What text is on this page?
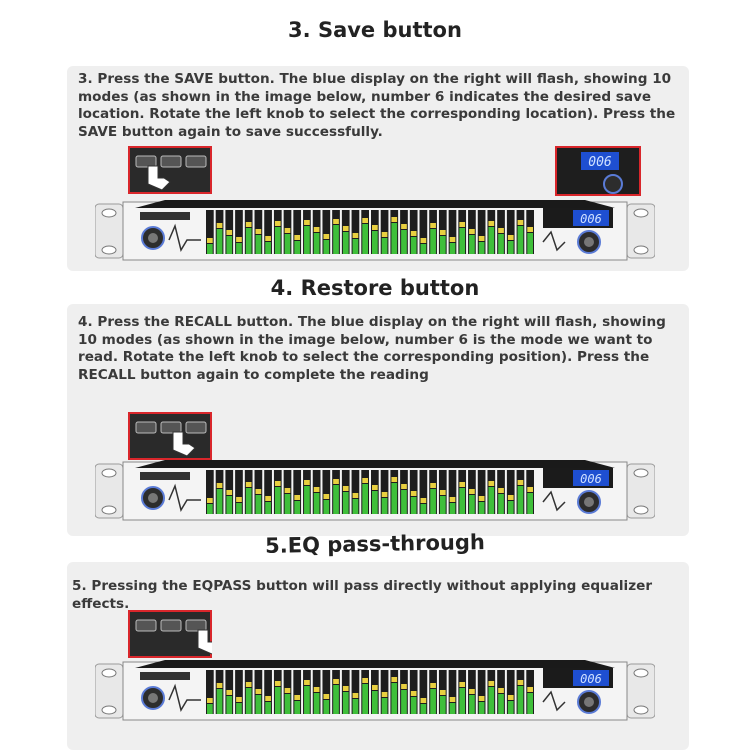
3. Save button

3. Press the SAVE button. The blue display on the right will flash, showing 10 modes (as shown in the image below, number 6 indicates the desired save location. Rotate the left knob to select the corresponding location). Press the SAVE button again to save successfully.

006
006
4. Restore button

4. Press the RECALL button. The blue display on the right will flash, showing 10 modes (as shown in the image below, number 6 is the mode we want to read. Rotate the left knob to select the corresponding position). Press the RECALL button again to complete the reading

006
5.EQ pass-through

5. Pressing the EQPASS button will pass directly without applying equalizer effects.

006
